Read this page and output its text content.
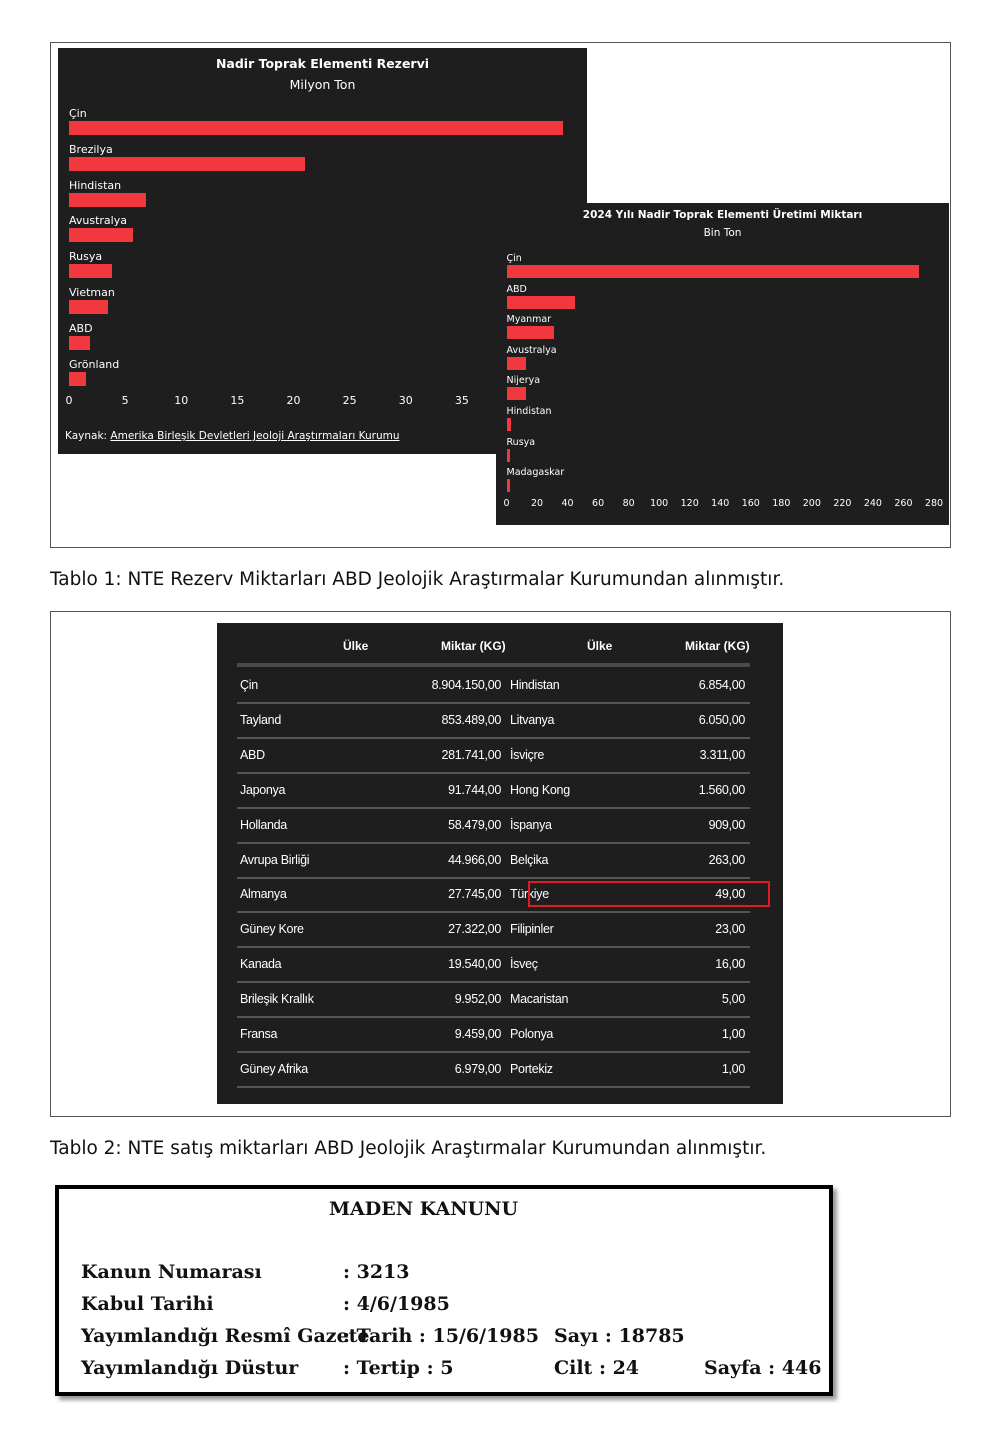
Nadir Toprak Elementi Rezervi
Milyon Ton
Çin
Brezilya
Hindistan
Avustralya
Rusya
Vietman
ABD
Grönland
0	5	10	15	20	25	30	35
Kaynak: Amerika Birleşik Devletleri Jeoloji Araştırmaları Kurumu
2024 Yılı Nadir Toprak Elementi Üretimi Miktarı
Bin Ton
Çin
ABD
Myanmar
Avustralya
Nijerya
Hindistan
Rusya
Madagaskar
0	20	40	60	80	100	120	140	160	180	200	220	240	260	280
Tablo 1: NTE Rezerv Miktarları ABD Jeolojik Araştırmalar Kurumundan alınmıştır.
Ülke	Miktar (KG)	Ülke	Miktar (KG)
Çin	8.904.150,00 Hindistan	6.854,00
Tayland	853.489,00 Litvanya	6.050,00
ABD	281.741,00 İsviçre	3.311,00
Japonya	91.744,00 Hong Kong	1.560,00
Hollanda	58.479,00 İspanya	909,00
Avrupa Birliği	44.966,00 Belçika	263,00
Almanya	27.745,00 Türkiye	49,00
Güney Kore	27.322,00 Filipinler	23,00
Kanada	19.540,00 İsveç	16,00
Brileşik Krallık	9.952,00 Macaristan	5,00
Fransa	9.459,00 Polonya	1,00
Güney Afrika	6.979,00 Portekiz	1,00
Tablo 2: NTE satış miktarları ABD Jeolojik Araştırmalar Kurumundan alınmıştır.
MADEN KANUNU
Kanun Numarası	: 3213
Kabul Tarihi	: 4/6/1985
Yayımlandığı Resmî Gazete
: Tarih : 15/6/1985 Sayı : 18785
Yayımlandığı Düstur : Tertip : 5	Cilt : 24	Sayfa : 446
